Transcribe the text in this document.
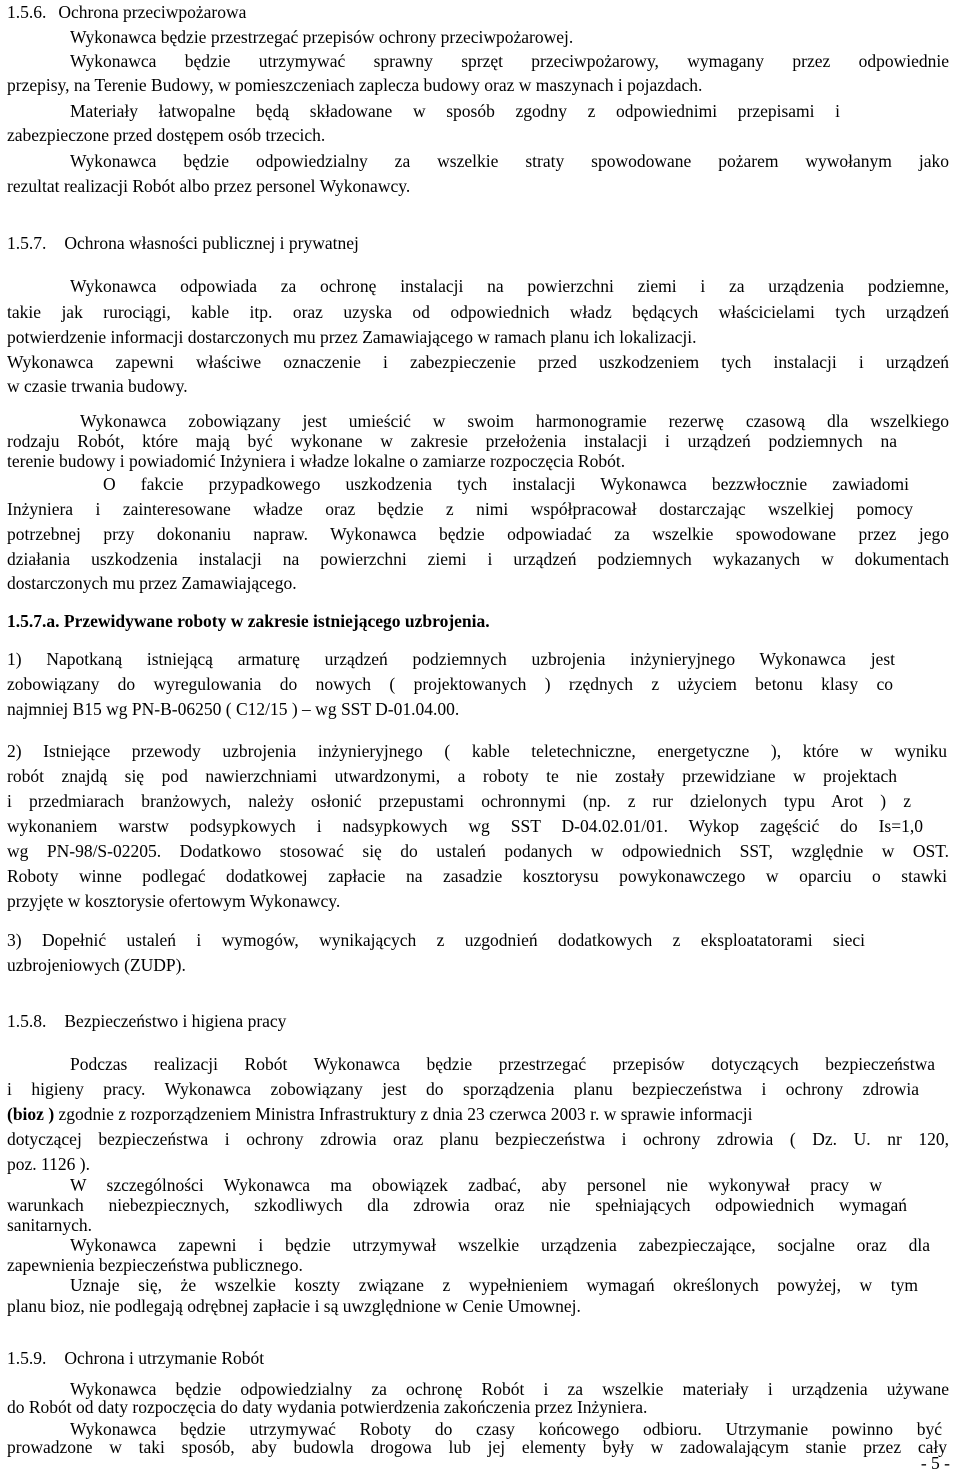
1.5.6. Ochrona przeciwpożarowa
Wykonawca będzie przestrzegać przepisów ochrony przeciwpożarowej.
Wykonawca będzie utrzymywać sprawny sprzęt przeciwpożarowy, wymagany przez odpowiednie
przepisy, na Terenie Budowy, w pomieszczeniach zaplecza budowy oraz w maszynach i pojazdach.
Materiały łatwopalne będą składowane w sposób zgodny z odpowiednimi przepisami i
zabezpieczone przed dostępem osób trzecich.
Wykonawca będzie odpowiedzialny za wszelkie straty spowodowane pożarem wywołanym jako
rezultat realizacji Robót albo przez personel Wykonawcy.
1.5.7. Ochrona własności publicznej i prywatnej
Wykonawca odpowiada za ochronę instalacji na powierzchni ziemi i za urządzenia podziemne,
takie jak rurociągi, kable itp. oraz uzyska od odpowiednich władz będących właścicielami tych urządzeń
potwierdzenie informacji dostarczonych mu przez Zamawiającego w ramach planu ich lokalizacji.
Wykonawca zapewni właściwe oznaczenie i zabezpieczenie przed uszkodzeniem tych instalacji i urządzeń
w czasie trwania budowy.
Wykonawca zobowiązany jest umieścić w swoim harmonogramie rezerwę czasową dla wszelkiego
rodzaju Robót, które mają być wykonane w zakresie przełożenia instalacji i urządzeń podziemnych na
terenie budowy i powiadomić Inżyniera i władze lokalne o zamiarze rozpoczęcia Robót.
O fakcie przypadkowego uszkodzenia tych instalacji Wykonawca bezzwłocznie zawiadomi
Inżyniera i zainteresowane władze oraz będzie z nimi współpracował dostarczając wszelkiej pomocy
potrzebnej przy dokonaniu napraw. Wykonawca będzie odpowiadać za wszelkie spowodowane przez jego
działania uszkodzenia instalacji na powierzchni ziemi i urządzeń podziemnych wykazanych w dokumentach
dostarczonych mu przez Zamawiającego.
1.5.7.a. Przewidywane roboty w zakresie istniejącego uzbrojenia.
1) Napotkaną istniejącą armaturę urządzeń podziemnych uzbrojenia inżynieryjnego Wykonawca jest
zobowiązany do wyregulowania do nowych ( projektowanych ) rzędnych z użyciem betonu klasy co
najmniej B15 wg PN-B-06250 ( C12/15 ) – wg SST D-01.04.00.
2) Istniejące przewody uzbrojenia inżynieryjnego ( kable teletechniczne, energetyczne ), które w wyniku
robót znajdą się pod nawierzchniami utwardzonymi, a roboty te nie zostały przewidziane w projektach
i przedmiarach branżowych, należy osłonić przepustami ochronnymi (np. z rur dzielonych typu Arot ) z
wykonaniem warstw podsypkowych i nadsypkowych wg SST D-04.02.01/01. Wykop zagęścić do Is=1,0
wg PN-98/S-02205. Dodatkowo stosować się do ustaleń podanych w odpowiednich SST, względnie w OST.
Roboty winne podlegać dodatkowej zapłacie na zasadzie kosztorysu powykonawczego w oparciu o stawki
przyjęte w kosztorysie ofertowym Wykonawcy.
3) Dopełnić ustaleń i wymogów, wynikających z uzgodnień dodatkowych z eksploatatorami sieci
uzbrojeniowych (ZUDP).
1.5.8. Bezpieczeństwo i higiena pracy
Podczas realizacji Robót Wykonawca będzie przestrzegać przepisów dotyczących bezpieczeństwa
i higieny pracy. Wykonawca zobowiązany jest do sporządzenia planu bezpieczeństwa i ochrony zdrowia
(bioz ) zgodnie z rozporządzeniem Ministra Infrastruktury z dnia 23 czerwca 2003 r. w sprawie informacji
dotyczącej bezpieczeństwa i ochrony zdrowia oraz planu bezpieczeństwa i ochrony zdrowia ( Dz. U. nr 120,
poz. 1126 ).
W szczególności Wykonawca ma obowiązek zadbać, aby personel nie wykonywał pracy w
warunkach niebezpiecznych, szkodliwych dla zdrowia oraz nie spełniających odpowiednich wymagań
sanitarnych.
Wykonawca zapewni i będzie utrzymywał wszelkie urządzenia zabezpieczające, socjalne oraz dla
zapewnienia bezpieczeństwa publicznego.
Uznaje się, że wszelkie koszty związane z wypełnieniem wymagań określonych powyżej, w tym
planu bioz, nie podlegają odrębnej zapłacie i są uwzględnione w Cenie Umownej.
1.5.9. Ochrona i utrzymanie Robót
Wykonawca będzie odpowiedzialny za ochronę Robót i za wszelkie materiały i urządzenia używane
do Robót od daty rozpoczęcia do daty wydania potwierdzenia zakończenia przez Inżyniera.
Wykonawca będzie utrzymywać Roboty do czasy końcowego odbioru. Utrzymanie powinno być
prowadzone w taki sposób, aby budowla drogowa lub jej elementy były w zadowalającym stanie przez cały
- 5 -
